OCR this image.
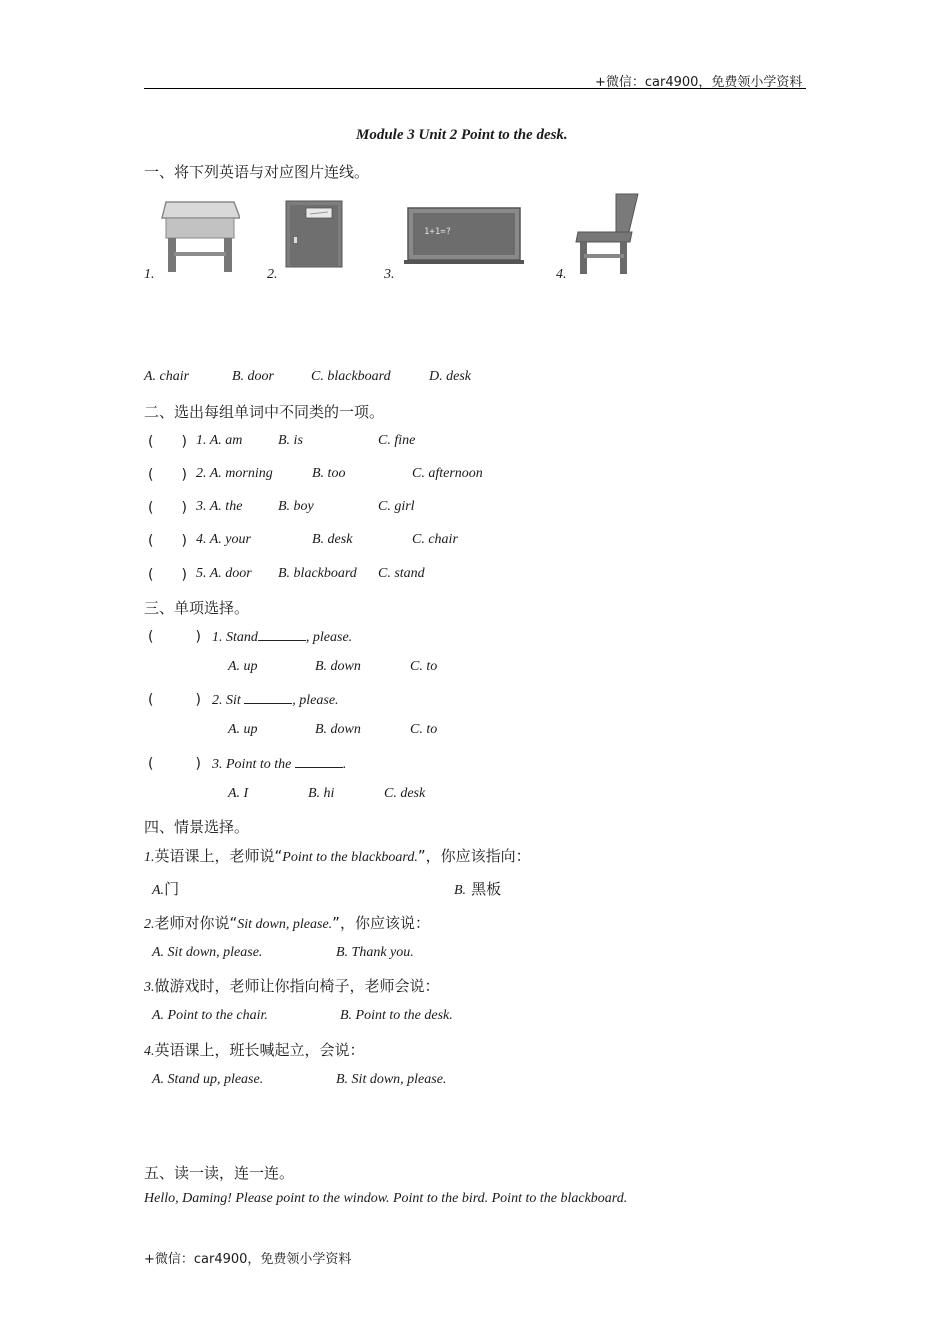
+微信：car4900，免费领小学资料
Module 3 Unit 2 Point to the desk.
一、将下列英语与对应图片连线。
1.	2.	3.
1+1=?
4.
A. chair	B. door	C. blackboard	D. desk
二、选出每组单词中不同类的一项。
(　　) 1. A. am	B. is	C. fine
(　　) 2. A. morning	B. too	C. afternoon
(　　) 3. A. the	B. boy	C. girl
(　　) 4. A. your	B. desk	C. chair
(　　) 5. A. door B. blackboard C. stand
三、单项选择。
(　　　) 1. Stand	, please.
A. up	B. down	C. to
(　　　) 2. Sit	, please.
A. up	B. down	C. to
(　　　) 3. Point to the	.
A. I	B. hi	C. desk
四、情景选择。
1.英语课上，老师说“Point to the blackboard.”，你应该指向：
A.门	B. 黑板
2.老师对你说“Sit down, please.”，你应该说：
A. Sit down, please.	B. Thank you.
3.做游戏时，老师让你指向椅子，老师会说：
A. Point to the chair.	B. Point to the desk.
4.英语课上，班长喊起立，会说：
A. Stand up, please.	B. Sit down, please.
五、读一读，连一连。
Hello, Daming! Please point to the window. Point to the bird. Point to the blackboard.
+微信：car4900，免费领小学资料
